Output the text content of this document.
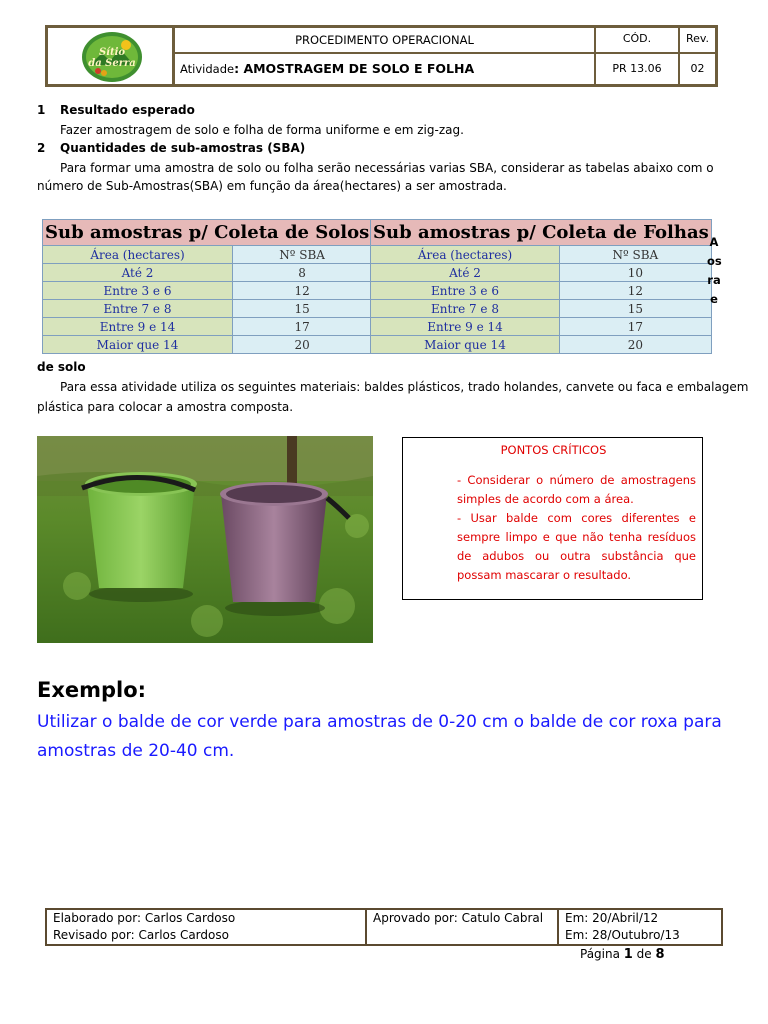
Sítio
da Serra
PROCEDIMENTO OPERACIONAL
Atividade: AMOSTRAGEM DE SOLO E FOLHA
CÓD.
PR 13.06
Rev.
02
1 Resultado esperado
Fazer amostragem de solo e folha de forma uniforme e em zig-zag.
2 Quantidades de sub-amostras (SBA)
Para formar uma amostra de solo ou folha serão necessárias varias SBA, considerar as tabelas abaixo com o
número de Sub-Amostras(SBA) em função da área(hectares) a ser amostrada.
Sub amostras p/ Coleta de Solos	
Área (hectares)	Nº SBA
Até 2	8
Entre 3 e 6	12
Entre 7 e 8	15
Entre 9 e 14	17
Maior que 14	20
Sub amostras p/ Coleta de Folhas	
Área (hectares)	Nº SBA
Até 2	10
Entre 3 e 6	12
Entre 7 e 8	15
Entre 9 e 14	17
Maior que 14	20
A
os
ra
e
de solo
Para essa atividade utiliza os seguintes materiais: baldes plásticos, trado holandes, canvete ou faca e embalagem
plástica para colocar a amostra composta.
PONTOS CRÍTICOS
- Considerar o número de amostragens simples de acordo com a área.
- Usar balde com cores diferentes e sempre limpo e que não tenha resíduos de adubos ou outra substância que possam mascarar o resultado.
Exemplo:
Utilizar o balde de cor verde para amostras de 0-20 cm o balde de cor roxa para
amostras de 20-40 cm.
Elaborado por: Carlos Cardoso
Revisado por: Carlos Cardoso
Aprovado por: Catulo Cabral	Em: 20/Abril/12
Em: 28/Outubro/13
Página 1 de 8
